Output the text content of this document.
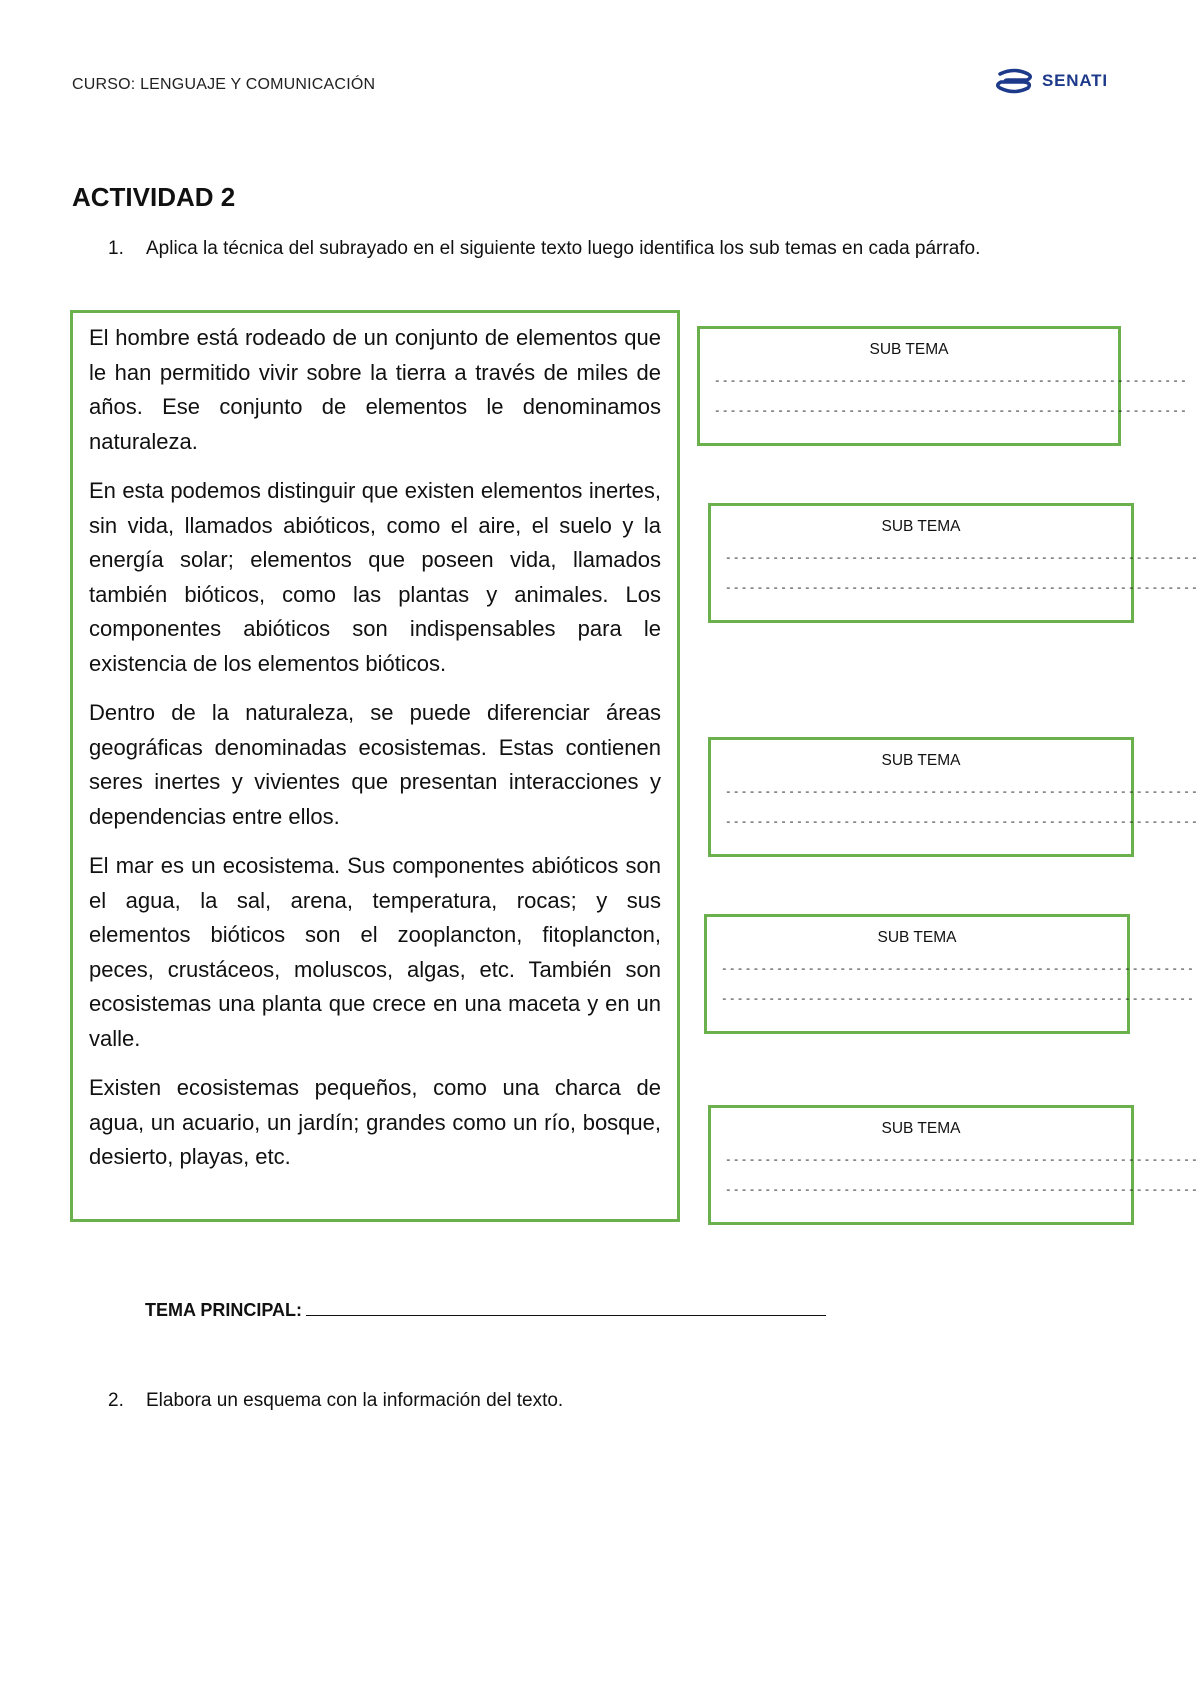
CURSO: LENGUAJE Y COMUNICACIÓN	SENATI
ACTIVIDAD 2
1. Aplica la técnica del subrayado en el siguiente texto luego identifica los sub temas en cada párrafo.

El hombre está rodeado de un conjunto de elementos que le han permitido vivir sobre la tierra a través de miles de años. Ese conjunto de elementos le denominamos naturaleza.

En esta podemos distinguir que existen elementos inertes, sin vida, llamados abióticos, como el aire, el suelo y la energía solar; elementos que poseen vida, llamados también bióticos, como las plantas y animales. Los componentes abióticos son indispensables para le existencia de los elementos bióticos.

Dentro de la naturaleza, se puede diferenciar áreas geográficas denominadas ecosistemas. Estas contienen seres inertes y vivientes que presentan interacciones y dependencias entre ellos.

El mar es un ecosistema. Sus componentes abióticos son el agua, la sal, arena, temperatura, rocas; y sus elementos bióticos son el zooplancton, fitoplancton, peces, crustáceos, moluscos, algas, etc. También son ecosistemas una planta que crece en una maceta y en un valle.

Existen ecosistemas pequeños, como una charca de agua, un acuario, un jardín; grandes como un río, bosque, desierto, playas, etc.

SUB TEMA
------------------------------------------------------------
------------------------------------------------------------
SUB TEMA
------------------------------------------------------------
------------------------------------------------------------
SUB TEMA
------------------------------------------------------------
------------------------------------------------------------
SUB TEMA
------------------------------------------------------------
------------------------------------------------------------
SUB TEMA
------------------------------------------------------------
------------------------------------------------------------
TEMA PRINCIPAL:
2. Elabora un esquema con la información del texto.
